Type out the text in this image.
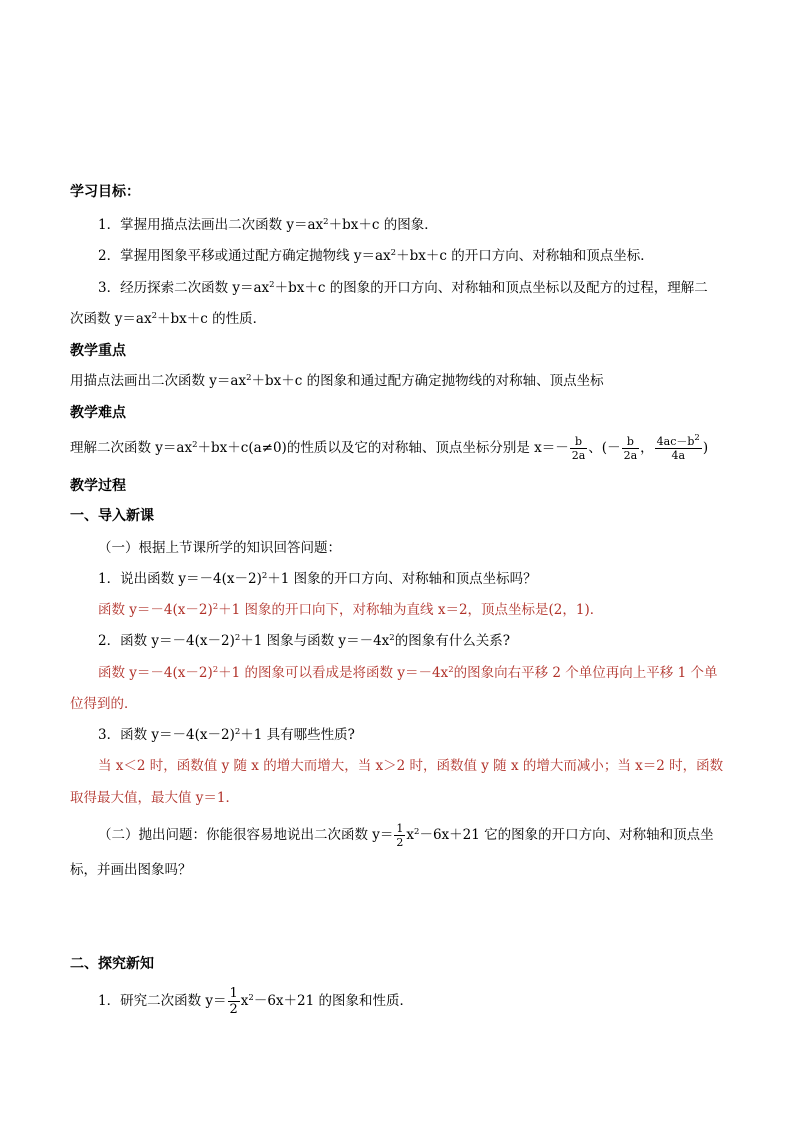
学习目标：
1．掌握用描点法画出二次函数 $y=ax^2+bx+c$ 的图象．
2．掌握用图象平移或通过配方确定抛物线 $y=ax^2+bx+c$ 的开口方向、对称轴和顶点坐标．
3．经历探索二次函数 $y=ax^2+bx+c$ 的图象的开口方向、对称轴和顶点坐标以及配方的过程，理解二
次函数 $y=ax^2+bx+c$ 的性质．
教学重点
用描点法画出二次函数 $y=ax^2+bx+c$ 的图象和通过配方确定抛物线的对称轴、顶点坐标
教学难点
理解二次函数 $y=ax^2+bx+c(a\ne 0)$的性质以及它的对称轴、顶点坐标分别是 $x=- \frac{b}{2a}$ 、(－ $\frac{b}{2a}$ ， $\frac{4ac-b^2}{4a}$ )
教学过程
一、导入新课
（一）根据上节课所学的知识回答问题：
1．说出函数 $y=-4(x-2)^2+1$ 图象的开口方向、对称轴和顶点坐标吗？
函数 $y=-4(x-2)^2+1$ 图象的开口向下，对称轴为直线 x＝2，顶点坐标是(2，1)．
2．函数 $y=-4(x-2)^2+1$ 图象与函数 $y=-4x^2$的图象有什么关系?
函数 $y=-4(x-2)^2+1$ 的图象可以看成是将函数 $y=-4x^2$的图象向右平移 2 个单位再向上平移 1 个单
位得到的．
3．函数 $y=-4(x-2)^2+1$ 具有哪些性质?
当 x＜2 时，函数值 y 随 x 的增大而增大，当 x＞2 时，函数值 y 随 x 的增大而减小；当 x＝2 时，函数
取得最大值，最大值 y＝1．
（二）抛出问题：你能很容易地说出二次函数 $y= \frac{1}{2} x^2-6x+21$ 它的图象的开口方向、对称轴和顶点坐
标，并画出图象吗？
二、探究新知
1．研究二次函数 $y= \frac{1}{2} x^2-6x+21$ 的图象和性质．
